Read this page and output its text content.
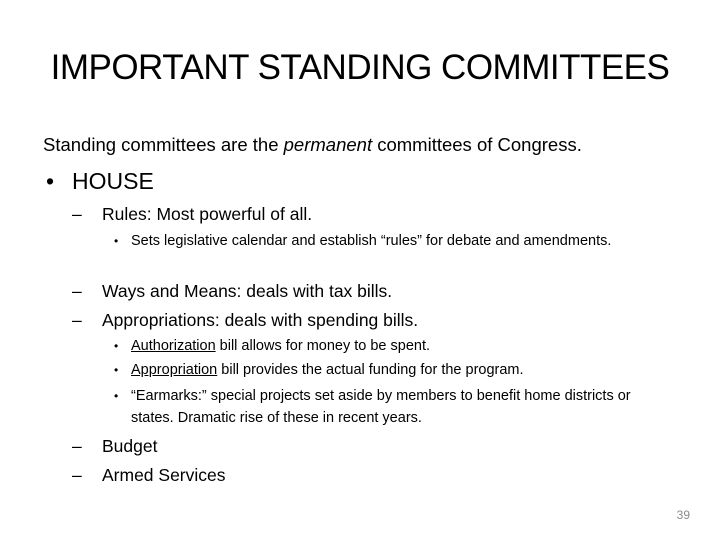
IMPORTANT STANDING COMMITTEES
Standing committees are the permanent committees of Congress.
• HOUSE
– Rules: Most powerful of all.
• Sets legislative calendar and establish “rules” for debate and amendments.
– Ways and Means: deals with tax bills.
– Appropriations: deals with spending bills.
• Authorization bill allows for money to be spent.
• Appropriation bill provides the actual funding for the program.
• “Earmarks:” special projects set aside by members to benefit home districts or states. Dramatic rise of these in recent years.
– Budget
– Armed Services
39
